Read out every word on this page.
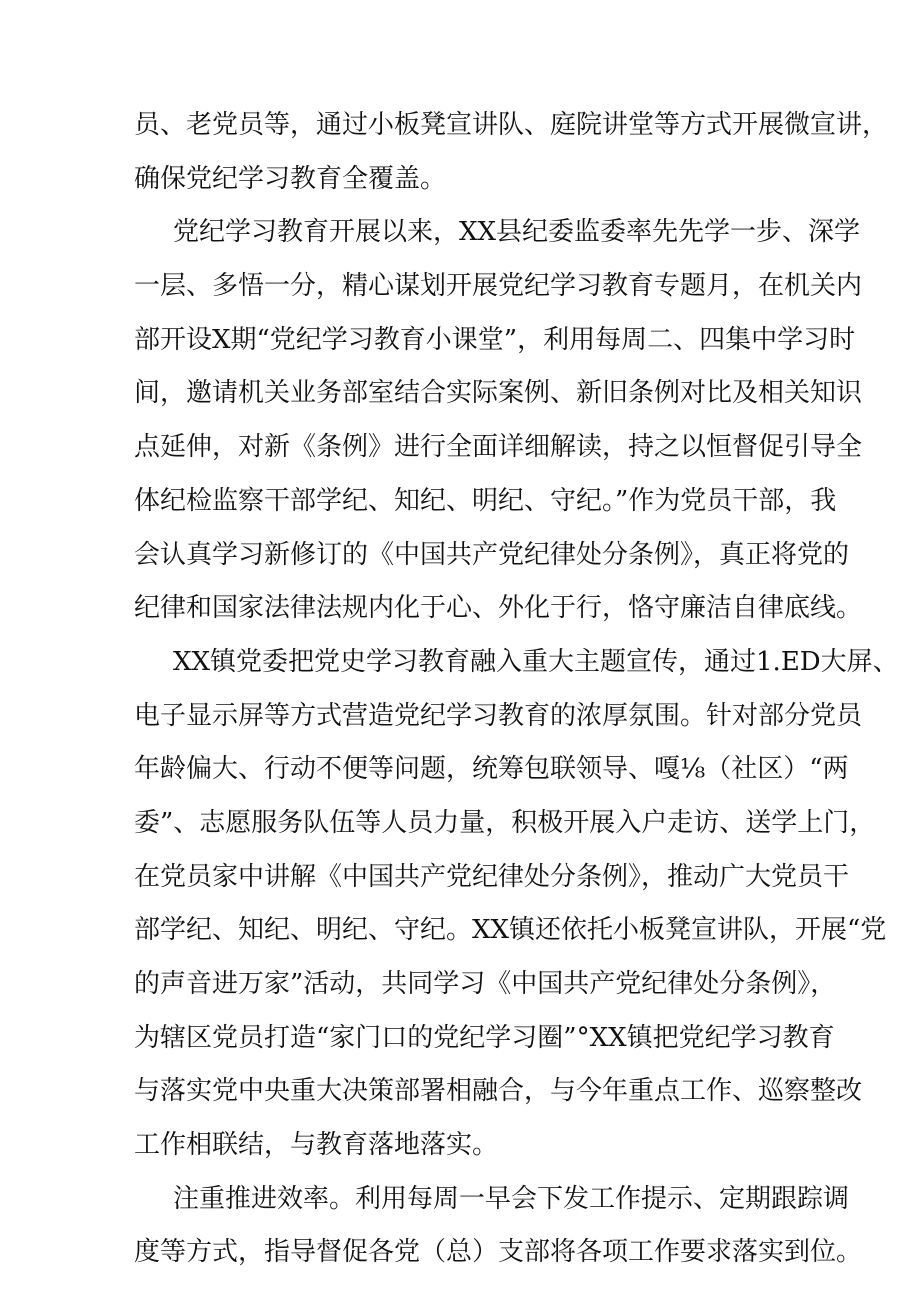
员、老党员等，通过小板凳宣讲队、庭院讲堂等方式开展微宣讲，
确保党纪学习教育全覆盖。
党纪学习教育开展以来，XX县纪委监委率先先学一步、深学
一层、多悟一分，精心谋划开展党纪学习教育专题月，在机关内
部开设X期“党纪学习教育小课堂”，利用每周二、四集中学习时
间，邀请机关业务部室结合实际案例、新旧条例对比及相关知识
点延伸，对新《条例》进行全面详细解读，持之以恒督促引导全
体纪检监察干部学纪、知纪、明纪、守纪。”作为党员干部，我
会认真学习新修订的《中国共产党纪律处分条例》，真正将党的
纪律和国家法律法规内化于心、外化于行，恪守廉洁自律底线。
XX镇党委把党史学习教育融入重大主题宣传，通过1.ED大屏、
电子显示屏等方式营造党纪学习教育的浓厚氛围。针对部分党员
年龄偏大、行动不便等问题，统筹包联领导、嘎⅛（社区）“两
委”、志愿服务队伍等人员力量，积极开展入户走访、送学上门，
在党员家中讲解《中国共产党纪律处分条例》，推动广大党员干
部学纪、知纪、明纪、守纪。XX镇还依托小板凳宣讲队，开展“党
的声音进万家”活动，共同学习《中国共产党纪律处分条例》，
为辖区党员打造“家门口的党纪学习圈”°XX镇把党纪学习教育
与落实党中央重大决策部署相融合，与今年重点工作、巡察整改
工作相联结，与教育落地落实。
注重推进效率。利用每周一早会下发工作提示、定期跟踪调
度等方式，指导督促各党（总）支部将各项工作要求落实到位。
